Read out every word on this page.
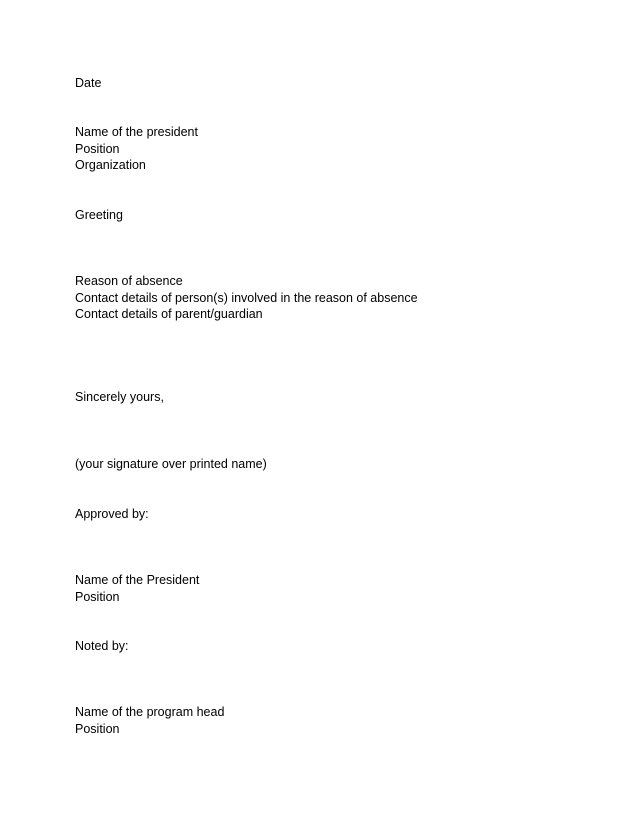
Date
Name of the president
Position
Organization
Greeting
Reason of absence
Contact details of person(s) involved in the reason of absence
Contact details of parent/guardian
Sincerely yours,
(your signature over printed name)
Approved by:
Name of the President
Position
Noted by:
Name of the program head
Position
